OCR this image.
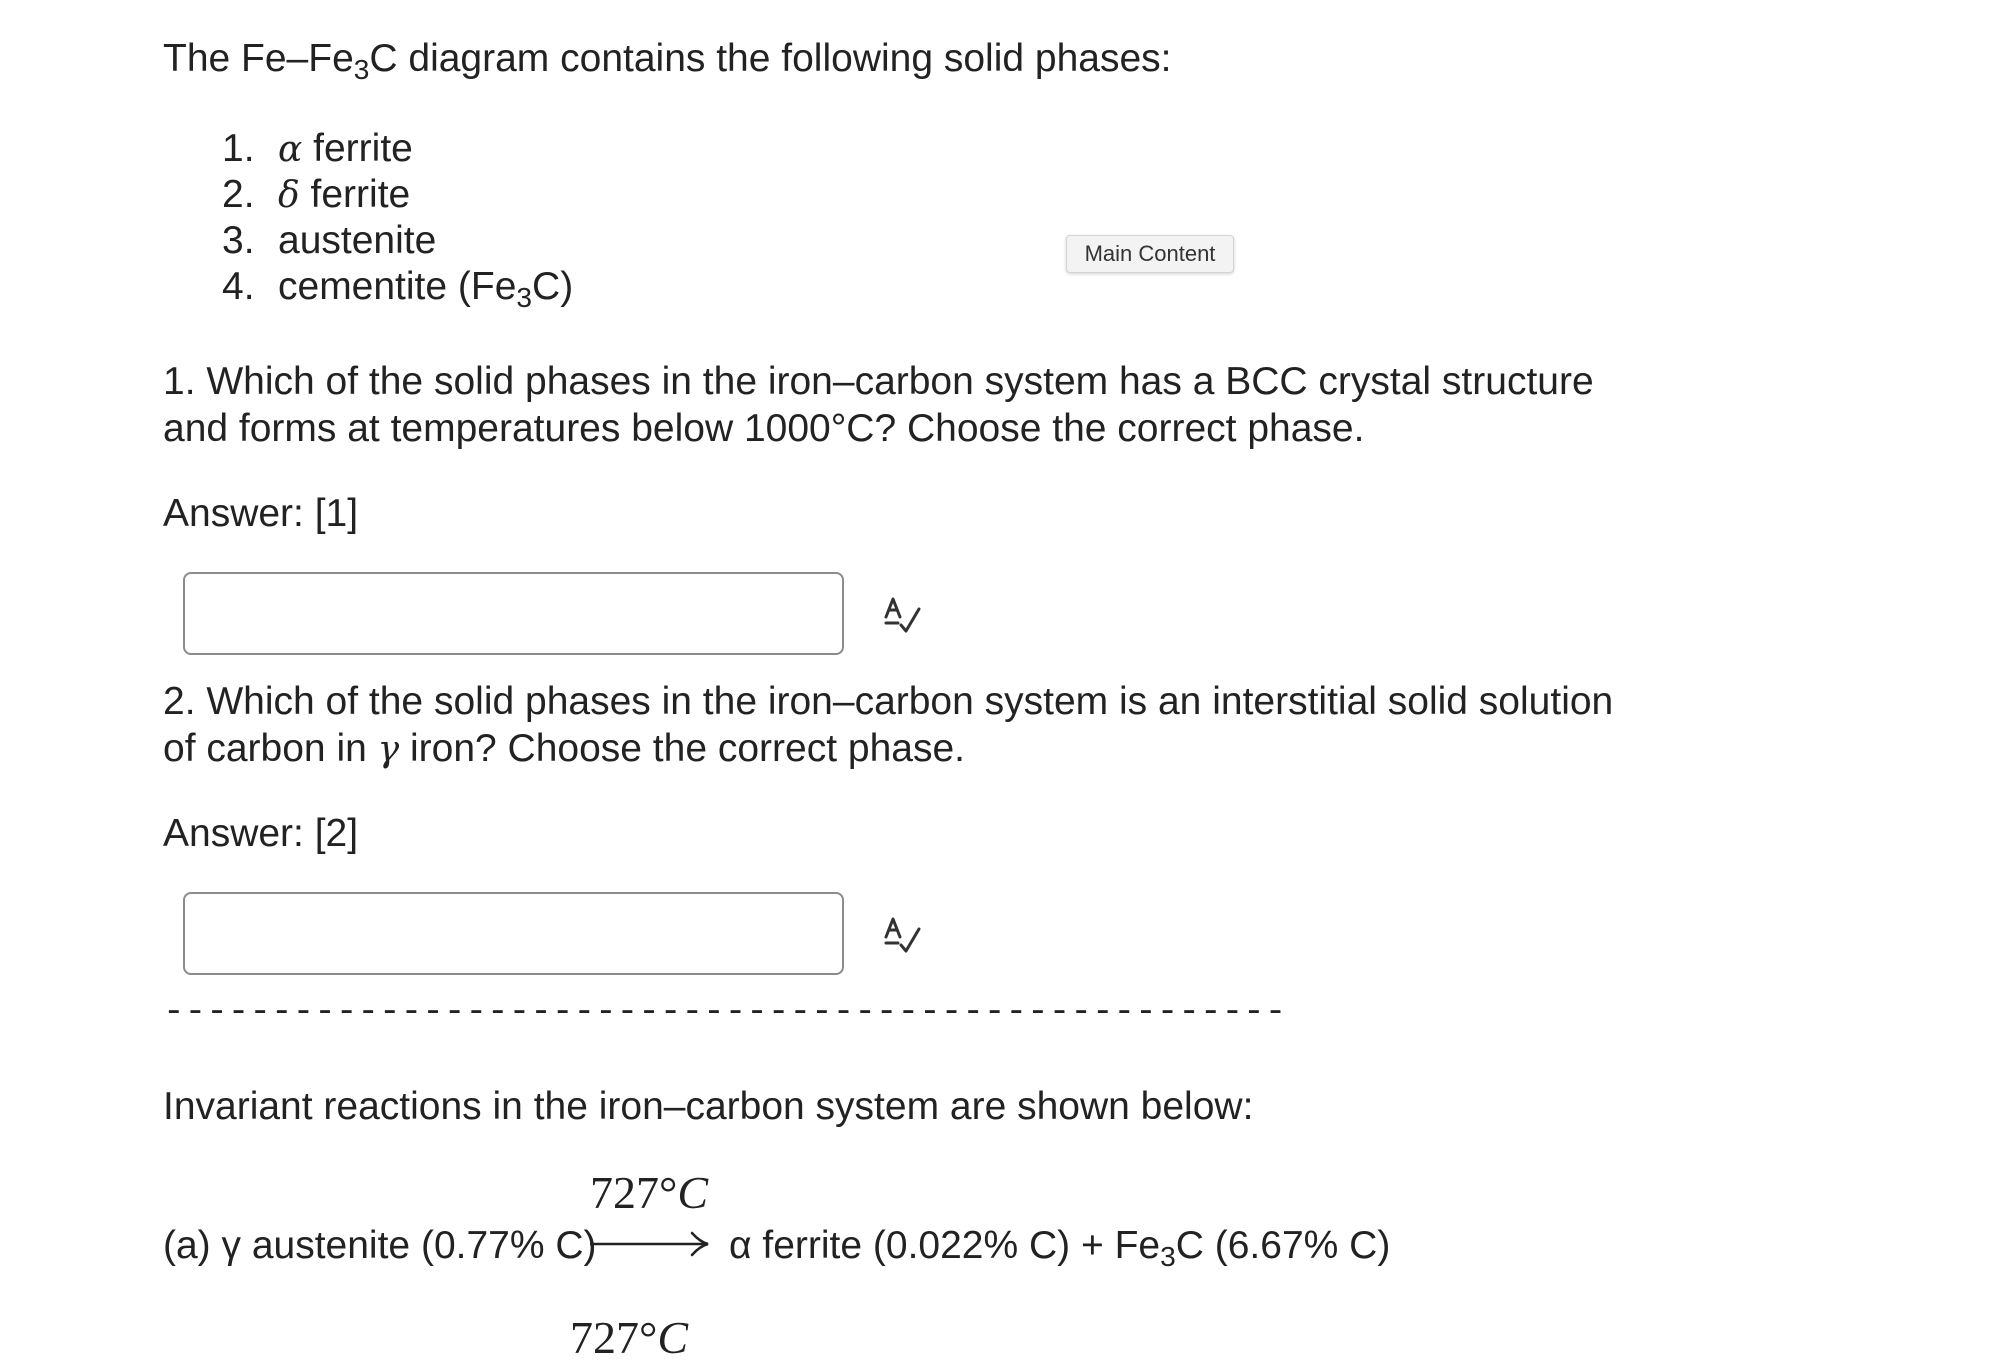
The $Fe-Fe_3C$ diagram contains the following solid phases:
1. α ferrite
2. δ ferrite
3. austenite
4. cementite $(Fe_3C)$
Main Content
1. Which of the solid phases in the iron–carbon system has a BCC crystal structure
and forms at temperatures below 1000°C? Choose the correct phase.
Answer: [1]
2. Which of the solid phases in the iron–carbon system is an interstitial solid solution
of carbon in γ iron? Choose the correct phase.
Answer: [2]
----------------------------------------------------
Invariant reactions in the iron–carbon system are shown below:
727°C
(a) γ austenite (0.77% C)	α ferrite (0.022% $C) + Fe_3C$ (6.67% C)
727°C
